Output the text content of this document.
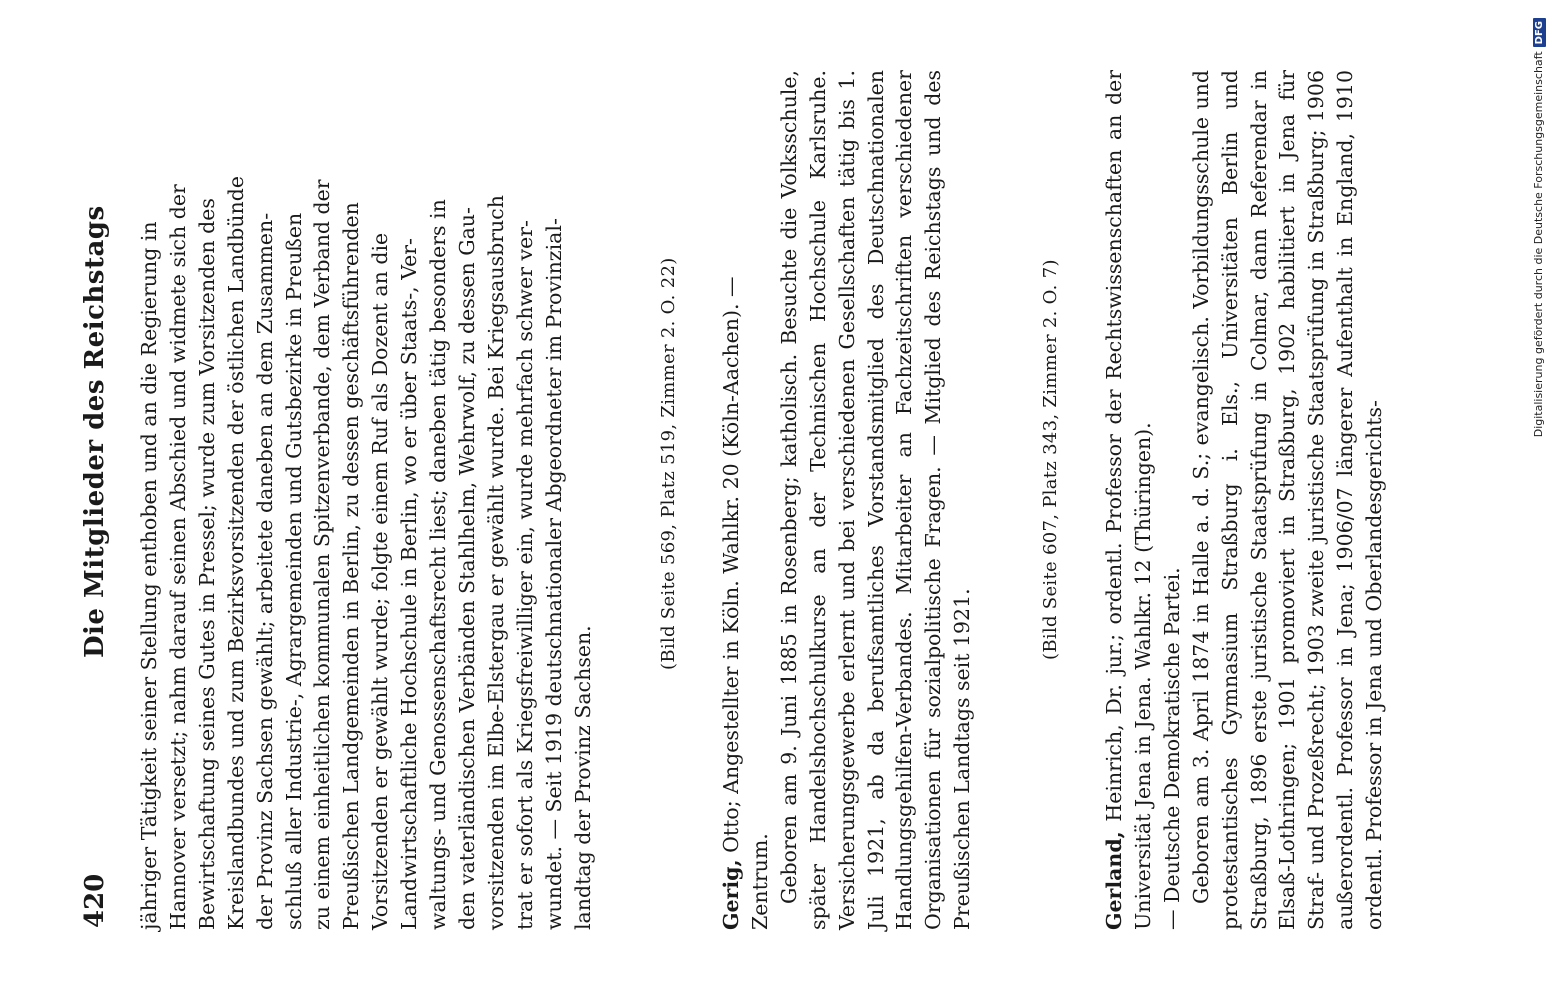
420
Die Mitglieder des Reichstags jähriger Tätigkeit seiner Stellung enthoben und an die Regierung in Hannover versetzt; nahm darauf seinen Abschied und widmete sich der Bewirtschaftung seines Gutes in Pressel; wurde zum Vorsitzenden des Kreislandbundes und zum Bezirksvorsitzenden der östlichen Landbünde der Provinz Sachsen gewählt; arbeitete daneben an dem Zusammen- schluß aller Industrie-, Agrargemeinden und Gutsbezirke in Preußen zu einem einheitlichen kommunalen Spitzenverbande, dem Verband der Preußischen Landgemeinden in Berlin, zu dessen geschäftsführenden Vorsitzenden er gewählt wurde; folgte einem Ruf als Dozent an die Landwirtschaftliche Hochschule in Berlin, wo er über Staats-, Ver- waltungs- und Genossenschaftsrecht liest; daneben tätig besonders in den vaterländischen Verbänden Stahlhelm, Wehrwolf, zu dessen Gau- vorsitzenden im Elbe-Elstergau er gewählt wurde. Bei Kriegsausbruch trat er sofort als Kriegsfreiwilliger ein, wurde mehrfach schwer ver- wundet. — Seit 1919 deutschnationaler Abgeordneter im Provinzial- landtag der Provinz Sachsen.

(Bild Seite 569, Platz 519, Zimmer 2. O. 22)

Gerig, Otto; Angestellter in Köln. Wahlkr. 20 (Köln-Aachen). —

Zentrum. Geboren am 9. Juni 1885 in Rosenberg; katholisch. Besuchte die Volksschule, später Handelshochschulkurse an der Technischen Hochschule Karlsruhe. Versicherungsgewerbe erlernt und bei verschiedenen Gesellschaften tätig bis 1. Juli 1921, ab da berufsamtliches Vorstandsmitglied des Deutschnationalen Handlungsgehilfen-Verbandes. Mitarbeiter an Fachzeitschriften verschiedener Organisationen für sozialpolitische Fragen. — Mitglied des Reichstags und des Preußischen Landtags seit 1921.

(Bild Seite 607, Platz 343, Zimmer 2. O. 7)

Gerland, Heinrich, Dr. jur.; ordentl. Professor der Rechtswissenschaften an der Universität Jena in Jena. Wahlkr. 12 (Thüringen). — Deutsche Demokratische Partei. Geboren am 3. April 1874 in Halle a. d. S.; evangelisch. Vorbildungsschule und protestantisches Gymnasium Straßburg i. Els., Universitäten Berlin und Straßburg, 1896 erste juristische Staatsprüfung in Colmar, dann Referendar in Elsaß-Lothringen; 1901 promoviert in Straßburg, 1902 habilitiert in Jena für Straf- und Prozeßrecht; 1903 zweite juristische Staatsprüfung in Straßburg; 1906 außerordentl. Professor in Jena; 1906/07 längerer Aufenthalt in England, 1910 ordentl. Professor in Jena und Oberlandesgerichts-

Digitalisierung gefördert durch die Deutsche ForschungsgemeinschaftDFG
